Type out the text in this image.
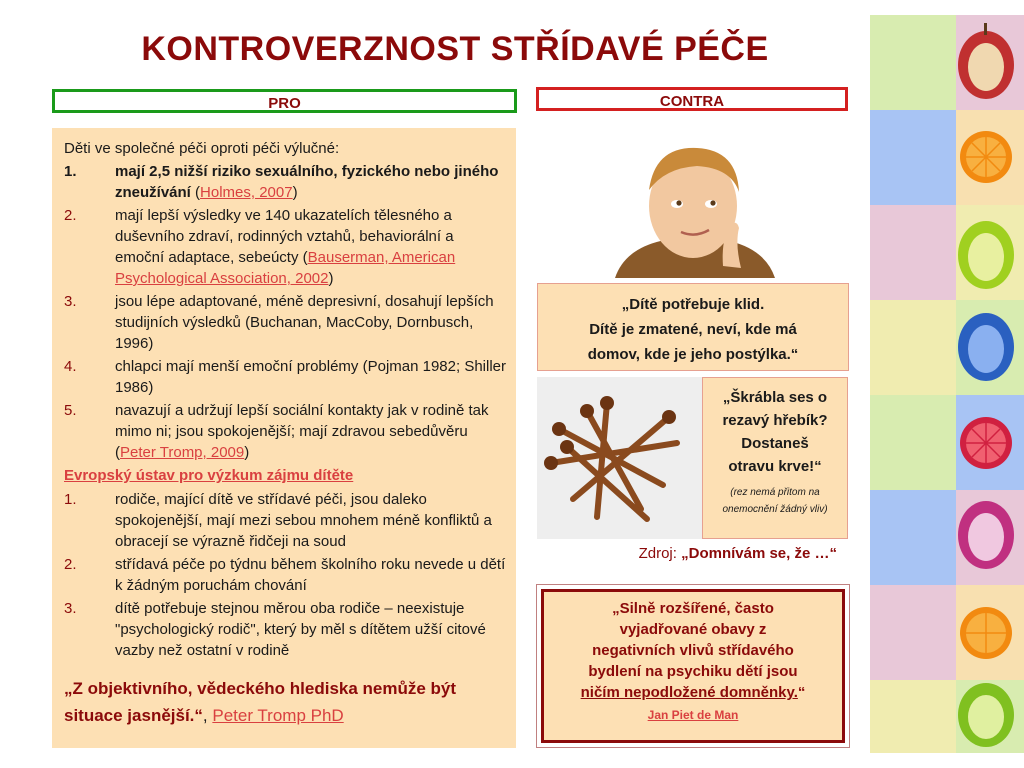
KONTROVERZNOST STŘÍDAVÉ PÉČE
PRO	CONTRA
Děti ve společné péči oproti péči výlučné:
1.	mají 2,5 nižší riziko sexuálního, fyzického nebo jiného zneužívání (Holmes, 2007)
2.	mají lepší výsledky ve 140 ukazatelích tělesného a duševního zdraví, rodinných vztahů, behaviorální a emoční adaptace, sebeúcty (Bauserman, American Psychological Association, 2002)
3.	jsou lépe adaptované, méně depresivní, dosahují lepších studijních výsledků (Buchanan, MacCoby, Dornbusch, 1996)
4.	chlapci mají menší emoční problémy (Pojman 1982; Shiller 1986)
5.	navazují a udržují lepší sociální kontakty jak v rodině tak mimo ni; jsou spokojenější; mají zdravou sebedůvěru (Peter Tromp, 2009)
Evropský ústav pro výzkum zájmu dítěte
1.	rodiče, mající dítě ve střídavé péči, jsou daleko spokojenější, mají mezi sebou mnohem méně konfliktů a obracejí se výrazně řidčeji na soud
2.	střídavá péče po týdnu během školního roku nevede u dětí k žádným poruchám chování
3.	dítě potřebuje stejnou měrou oba rodiče – neexistuje "psychologický rodič", který by měl s dítětem užší citové vazby než ostatní v rodině
„Z objektivního, vědeckého hlediska nemůže být situace jasnější.“, Peter Tromp PhD
„Dítě potřebuje klid.
Dítě je zmatené, neví, kde má
domov, kde je jeho postýlka.“
„Škrábla ses o
rezavý hřebík?
Dostaneš
otravu krve!“
(rez nemá přitom na
onemocnění žádný vliv)
Zdroj: „Domnívám se, že …“
„Silně rozšířené, často
vyjadřované obavy z
negativních vlivů střídavého
bydlení na psychiku dětí jsou
ničím nepodložené domněnky.“
Jan Piet de Man
